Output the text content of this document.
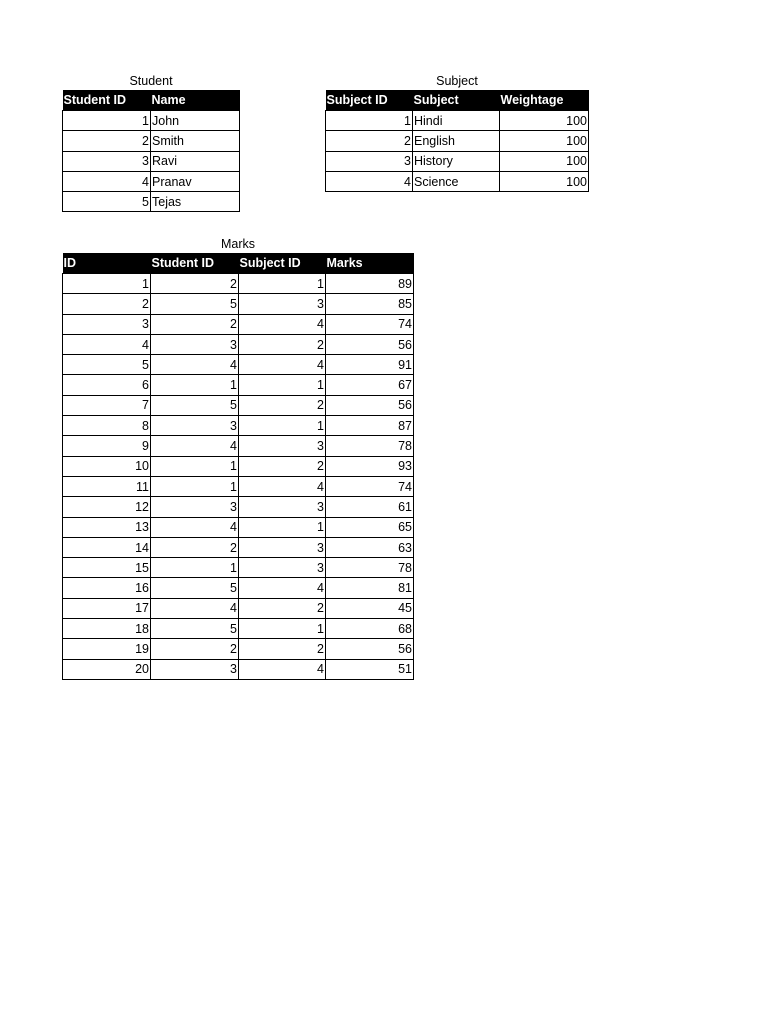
Student
Student ID	Name
1	John
2	Smith
3	Ravi
4	Pranav
5	Tejas
Subject
Subject ID	Subject	Weightage
1	Hindi	100
2	English	100
3	History	100
4	Science	100
Marks
ID	Student ID	Subject ID	Marks
1	2	1	89
2	5	3	85
3	2	4	74
4	3	2	56
5	4	4	91
6	1	1	67
7	5	2	56
8	3	1	87
9	4	3	78
10	1	2	93
11	1	4	74
12	3	3	61
13	4	1	65
14	2	3	63
15	1	3	78
16	5	4	81
17	4	2	45
18	5	1	68
19	2	2	56
20	3	4	51
